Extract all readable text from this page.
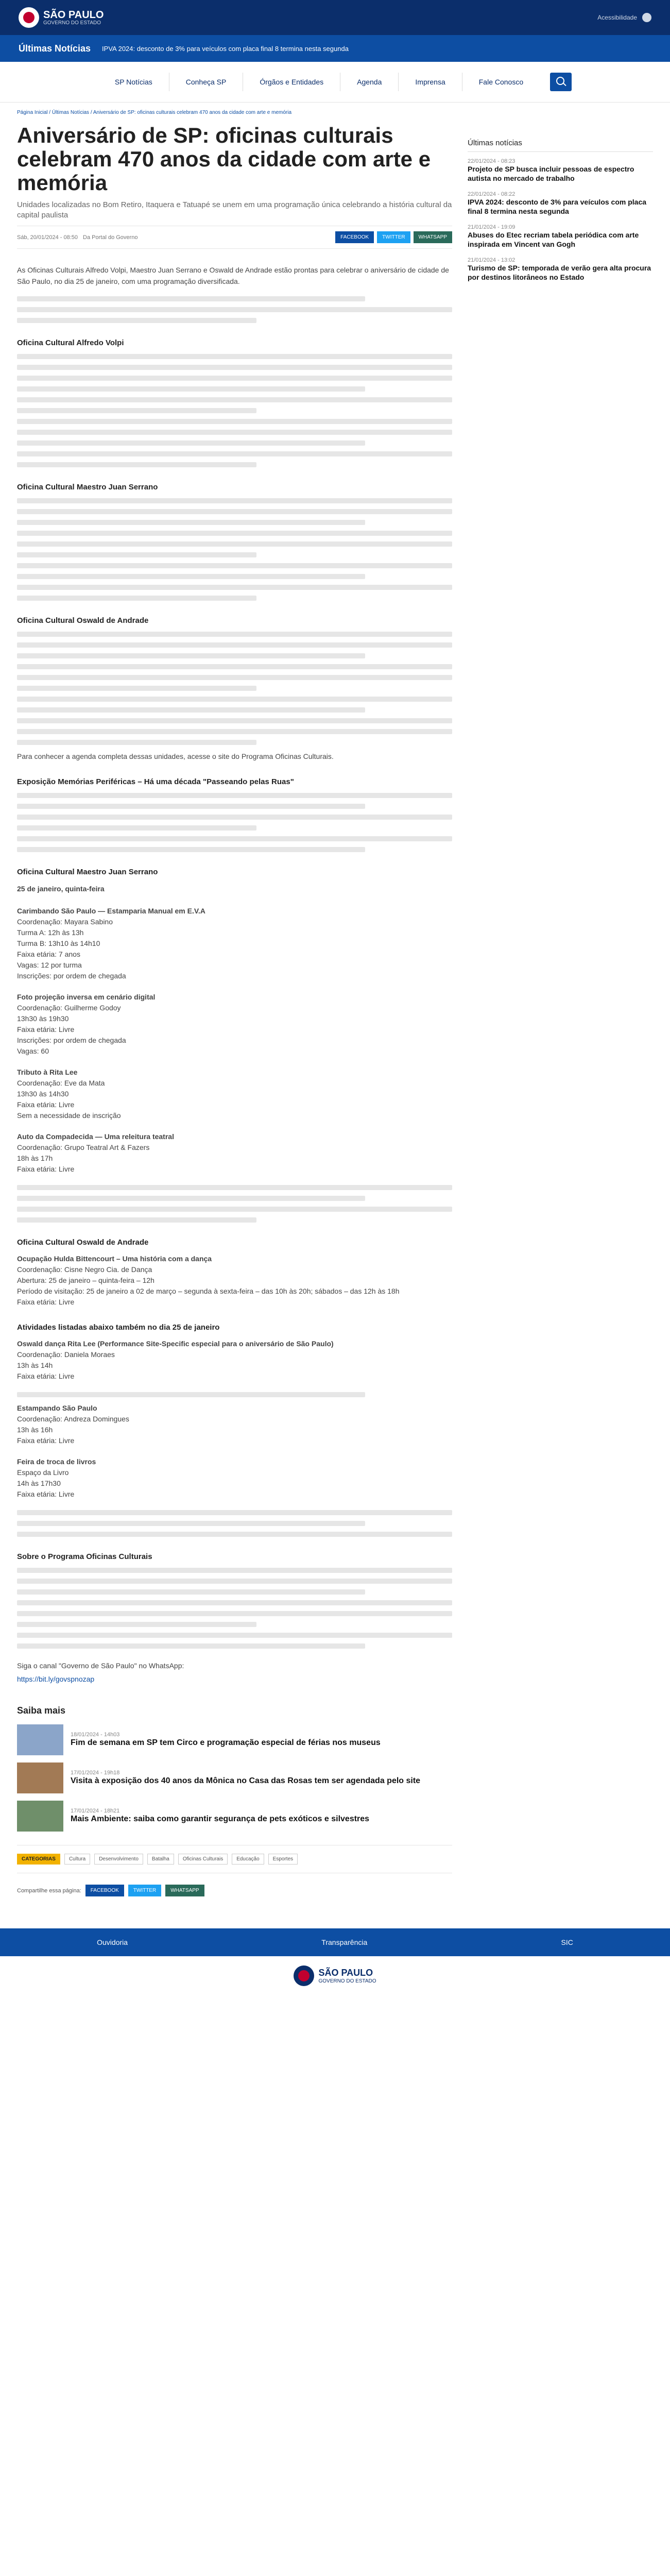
SÃO PAULO
GOVERNO DO ESTADO
Acessibilidade
Últimas Notícias IPVA 2024: desconto de 3% para veículos com placa final 8 termina nesta segunda
SP Notícias	Conheça SP	Órgãos e Entidades	Agenda	Imprensa	Fale Conosco
Página Inicial / Últimas Notícias / Aniversário de SP: oficinas culturais celebram 470 anos da cidade com arte e memória
Aniversário de SP: oficinas culturais celebram 470 anos da cidade com arte e memória
Unidades localizadas no Bom Retiro, Itaquera e Tatuapé se unem em uma programação única celebrando a história cultural da capital paulista
Sáb, 20/01/2024 - 08:50 Da Portal do Governo	FACEBOOK	TWITTER	WHATSAPP

As Oficinas Culturais Alfredo Volpi, Maestro Juan Serrano e Oswald de Andrade estão prontas para celebrar o aniversário de cidade de São Paulo, no dia 25 de janeiro, com uma programação diversificada.

Oficina Cultural Alfredo Volpi
Oficina Cultural Maestro Juan Serrano
Oficina Cultural Oswald de Andrade

Para conhecer a agenda completa dessas unidades, acesse o site do Programa Oficinas Culturais.

Exposição Memórias Periféricas – Há uma década "Passeando pelas Ruas"
Oficina Cultural Maestro Juan Serrano
25 de janeiro, quinta-feira
Carimbando São Paulo — Estamparia Manual em E.V.A
Coordenação: Mayara Sabino
Turma A: 12h às 13h
Turma B: 13h10 às 14h10
Faixa etária: 7 anos
Vagas: 12 por turma
Inscrições: por ordem de chegada
Foto projeção inversa em cenário digital
Coordenação: Guilherme Godoy
13h30 às 19h30
Faixa etária: Livre
Inscrições: por ordem de chegada
Vagas: 60
Tributo à Rita Lee
Coordenação: Eve da Mata
13h30 às 14h30
Faixa etária: Livre
Sem a necessidade de inscrição
Auto da Compadecida — Uma releitura teatral
Coordenação: Grupo Teatral Art & Fazers
18h às 17h
Faixa etária: Livre
Oficina Cultural Oswald de Andrade
Ocupação Hulda Bittencourt – Uma história com a dança
Coordenação: Cisne Negro Cia. de Dança
Abertura: 25 de janeiro – quinta-feira – 12h
Período de visitação: 25 de janeiro a 02 de março – segunda à sexta-feira – das 10h às 20h; sábados – das 12h às 18h
Faixa etária: Livre
Atividades listadas abaixo também no dia 25 de janeiro
Oswald dança Rita Lee (Performance Site-Specific especial para o aniversário de São Paulo)
Coordenação: Daniela Moraes
13h às 14h
Faixa etária: Livre
Estampando São Paulo
Coordenação: Andreza Domingues
13h às 16h
Faixa etária: Livre
Feira de troca de livros
Espaço da Livro
14h às 17h30
Faixa etária: Livre
Sobre o Programa Oficinas Culturais

Siga o canal "Governo de São Paulo" no WhatsApp:

https://bit.ly/govspnozap

Saiba mais
18/01/2024 - 14h03
Fim de semana em SP tem Circo e programação especial de férias nos museus
17/01/2024 - 19h18
Visita à exposição dos 40 anos da Mônica no Casa das Rosas tem ser agendada pelo site
17/01/2024 - 18h21
Mais Ambiente: saiba como garantir segurança de pets exóticos e silvestres
CATEGORIAS	Cultura	Desenvolvimento	Batalha	Oficinas Culturais	Educação	Esportes
Compartilhe essa página:	FACEBOOK	TWITTER	WHATSAPP
Últimas notícias
22/01/2024 - 08:23
Projeto de SP busca incluir pessoas de espectro autista no mercado de trabalho
22/01/2024 - 08:22
IPVA 2024: desconto de 3% para veículos com placa final 8 termina nesta segunda
21/01/2024 - 19:09
Abuses do Etec recriam tabela periódica com arte inspirada em Vincent van Gogh
21/01/2024 - 13:02
Turismo de SP: temporada de verão gera alta procura por destinos litorâneos no Estado
Ouvidoria	Transparência	SIC
SÃO PAULO
GOVERNO DO ESTADO
